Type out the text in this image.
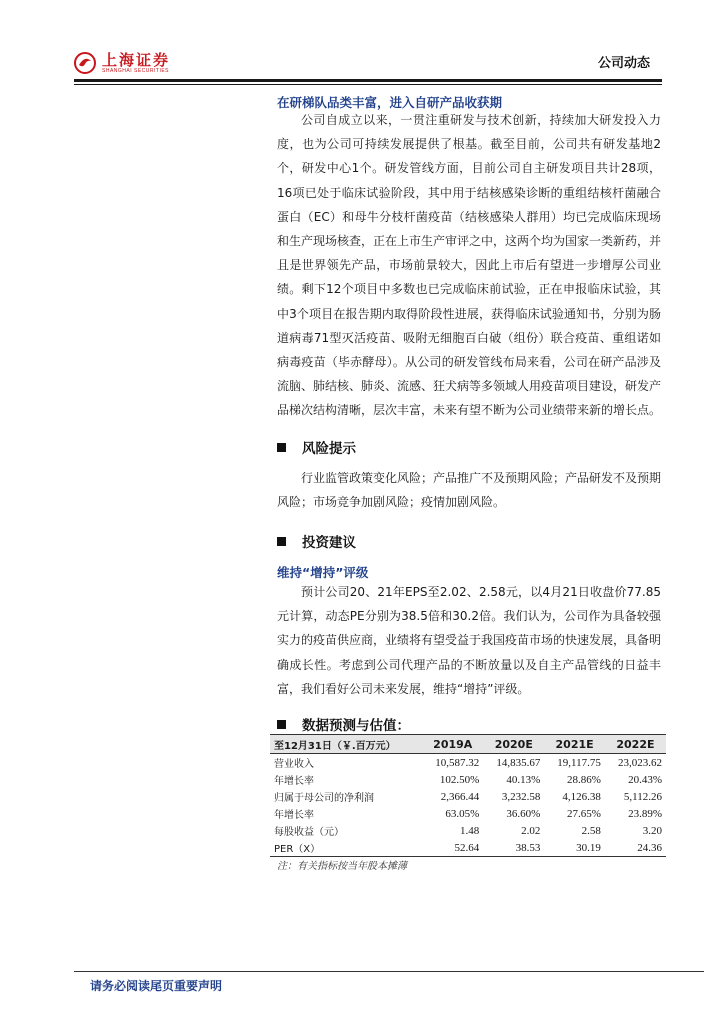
上海证券
SHANGHAI SECURITIES	公司动态
在研梯队品类丰富，进入自研产品收获期
公司自成立以来，一贯注重研发与技术创新，持续加大研发投入力度，也为公司可持续发展提供了根基。截至目前，公司共有研发基地2个，研发中心1个。研发管线方面，目前公司自主研发项目共计28项，16项已处于临床试验阶段，其中用于结核感染诊断的重组结核杆菌融合蛋白（EC）和母牛分枝杆菌疫苗（结核感染人群用）均已完成临床现场和生产现场核查，正在上市生产审评之中，这两个均为国家一类新药，并且是世界领先产品，市场前景较大，因此上市后有望进一步增厚公司业绩。剩下12个项目中多数也已完成临床前试验，正在申报临床试验，其中3个项目在报告期内取得阶段性进展，获得临床试验通知书，分别为肠道病毒71型灭活疫苗、吸附无细胞百白破（组份）联合疫苗、重组诺如病毒疫苗（毕赤酵母）。从公司的研发管线布局来看，公司在研产品涉及流脑、肺结核、肺炎、流感、狂犬病等多领域人用疫苗项目建设，研发产品梯次结构清晰，层次丰富，未来有望不断为公司业绩带来新的增长点。
风险提示
行业监管政策变化风险；产品推广不及预期风险；产品研发不及预期风险；市场竞争加剧风险；疫情加剧风险。
投资建议
维持“增持”评级
预计公司20、21年EPS至2.02、2.58元，以4月21日收盘价77.85元计算，动态PE分别为38.5倍和30.2倍。我们认为，公司作为具备较强实力的疫苗供应商，业绩将有望受益于我国疫苗市场的快速发展，具备明确成长性。考虑到公司代理产品的不断放量以及自主产品管线的日益丰富，我们看好公司未来发展，维持“增持”评级。
数据预测与估值：
至12月31日（￥.百万元）	2019A	2020E	2021E	2022E
营业收入	10,587.32	14,835.67	19,117.75	23,023.62
年增长率	102.50%	40.13%	28.86%	20.43%
归属于母公司的净利润	2,366.44	3,232.58	4,126.38	5,112.26
年增长率	63.05%	36.60%	27.65%	23.89%
每股收益（元）	1.48	2.02	2.58	3.20
PER（X）	52.64	38.53	30.19	24.36
注：有关指标按当年股本摊薄
请务必阅读尾页重要声明
